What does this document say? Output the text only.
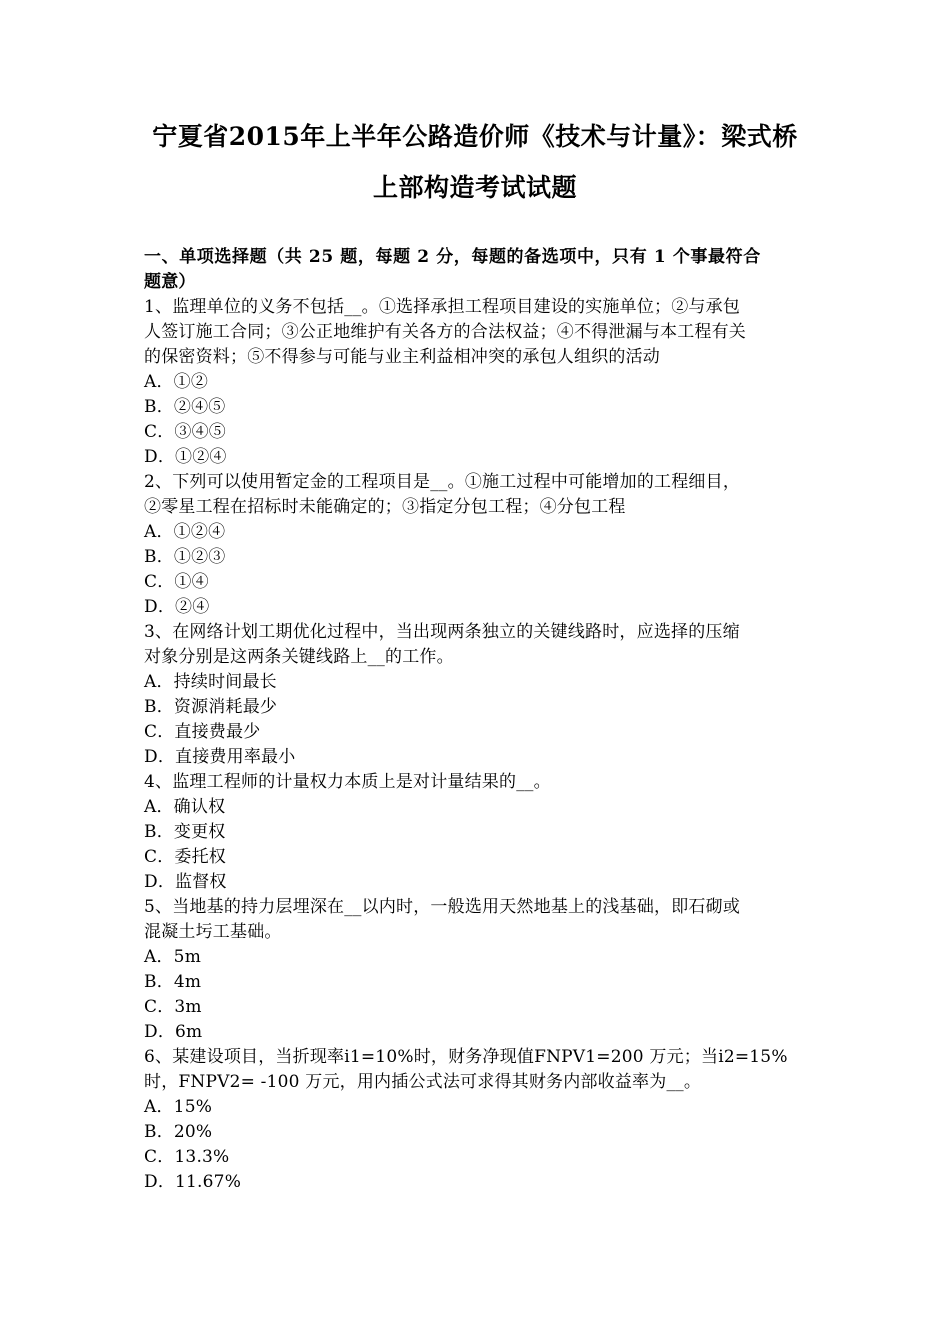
宁夏省2015年上半年公路造价师《技术与计量》：梁式桥
上部构造考试试题
一、单项选择题（共 25 题，每题 2 分，每题的备选项中，只有 1 个事最符合
题意）
1、监理单位的义务不包括__。①选择承担工程项目建设的实施单位；②与承包
人签订施工合同；③公正地维护有关各方的合法权益；④不得泄漏与本工程有关
的保密资料；⑤不得参与可能与业主利益相冲突的承包人组织的活动
A．①②
B．②④⑤
C．③④⑤
D．①②④
2、下列可以使用暂定金的工程项目是__。①施工过程中可能增加的工程细目，
②零星工程在招标时未能确定的；③指定分包工程；④分包工程
A．①②④
B．①②③
C．①④
D．②④
3、在网络计划工期优化过程中，当出现两条独立的关键线路时，应选择的压缩
对象分别是这两条关键线路上__的工作。
A．持续时间最长
B．资源消耗最少
C．直接费最少
D．直接费用率最小
4、监理工程师的计量权力本质上是对计量结果的__。
A．确认权
B．变更权
C．委托权
D．监督权
5、当地基的持力层埋深在__以内时，一般选用天然地基上的浅基础，即石砌或
混凝土圬工基础。
A．5m
B．4m
C．3m
D．6m
6、某建设项目，当折现率i1=10%时，财务净现值FNPV1=200 万元；当i2=15%
时，FNPV2= -100 万元，用内插公式法可求得其财务内部收益率为__。
A．15%
B．20%
C．13.3%
D．11.67%
